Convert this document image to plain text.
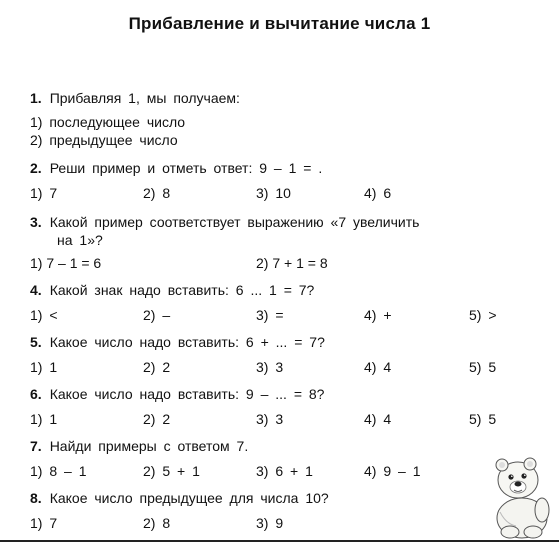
Прибавление и вычитание числа 1
1. Прибавляя 1, мы получаем:
1) последующее число
2) предыдущее число
2. Реши пример и отметь ответ: 9 – 1 = .
1) 7	2) 8	3) 10	4) 6
3. Какой пример соответствует выражению «7 увеличить
на 1»?
1) 7 – 1 = 6	2) 7 + 1 = 8
4. Какой знак надо вставить: 6 ... 1 = 7?
1) <	2) –	3) =	4) +	5) >
5. Какое число надо вставить: 6 + ... = 7?
1) 1	2) 2	3) 3	4) 4	5) 5
6. Какое число надо вставить: 9 – ... = 8?
1) 1	2) 2	3) 3	4) 4	5) 5
7. Найди примеры с ответом 7.
1) 8 – 1	2) 5 + 1	3) 6 + 1	4) 9 – 1
8. Какое число предыдущее для числа 10?
1) 7	2) 8	3) 9
